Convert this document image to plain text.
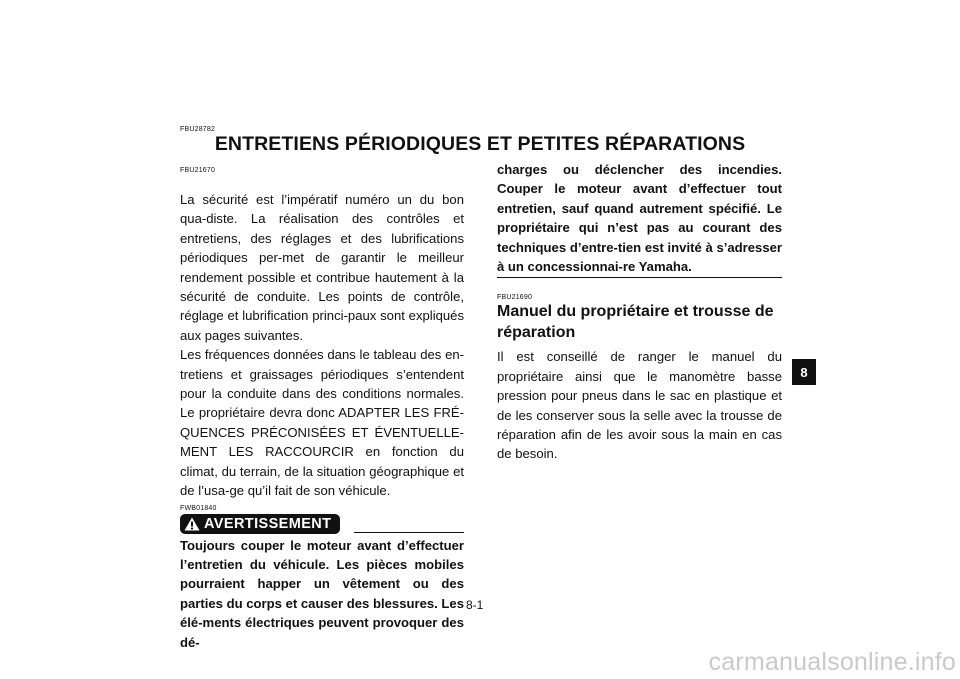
FBU28782
ENTRETIENS PÉRIODIQUES ET PETITES RÉPARATIONS
FBU21670

La sécurité est l’impératif numéro un du bon qua-diste. La réalisation des contrôles et entretiens, des réglages et des lubrifications périodiques per-met de garantir le meilleur rendement possible et contribue hautement à la sécurité de conduite. Les points de contrôle, réglage et lubrification princi-paux sont expliqués aux pages suivantes.

Les fréquences données dans le tableau des en-tretiens et graissages périodiques s’entendent pour la conduite dans des conditions normales. Le propriétaire devra donc ADAPTER LES FRÉ-QUENCES PRÉCONISÉES ET ÉVENTUELLE-MENT LES RACCOURCIR en fonction du climat, du terrain, de la situation géographique et de l’usa-ge qu’il fait de son véhicule.

FWB01840
AVERTISSEMENT

Toujours couper le moteur avant d’effectuer l’entretien du véhicule. Les pièces mobiles pourraient happer un vêtement ou des parties du corps et causer des blessures. Les élé-ments électriques peuvent provoquer des dé-

charges ou déclencher des incendies. Couper le moteur avant d’effectuer tout entretien, sauf quand autrement spécifié. Le propriétaire qui n’est pas au courant des techniques d’entre-tien est invité à s’adresser à un concessionnai-re Yamaha.

FBU21690
Manuel du propriétaire et trousse de réparation

Il est conseillé de ranger le manuel du propriétaire ainsi que le manomètre basse pression pour pneus dans le sac en plastique et de les conserver sous la selle avec la trousse de réparation afin de les avoir sous la main en cas de besoin.

8-1
8
carmanualsonline.info
